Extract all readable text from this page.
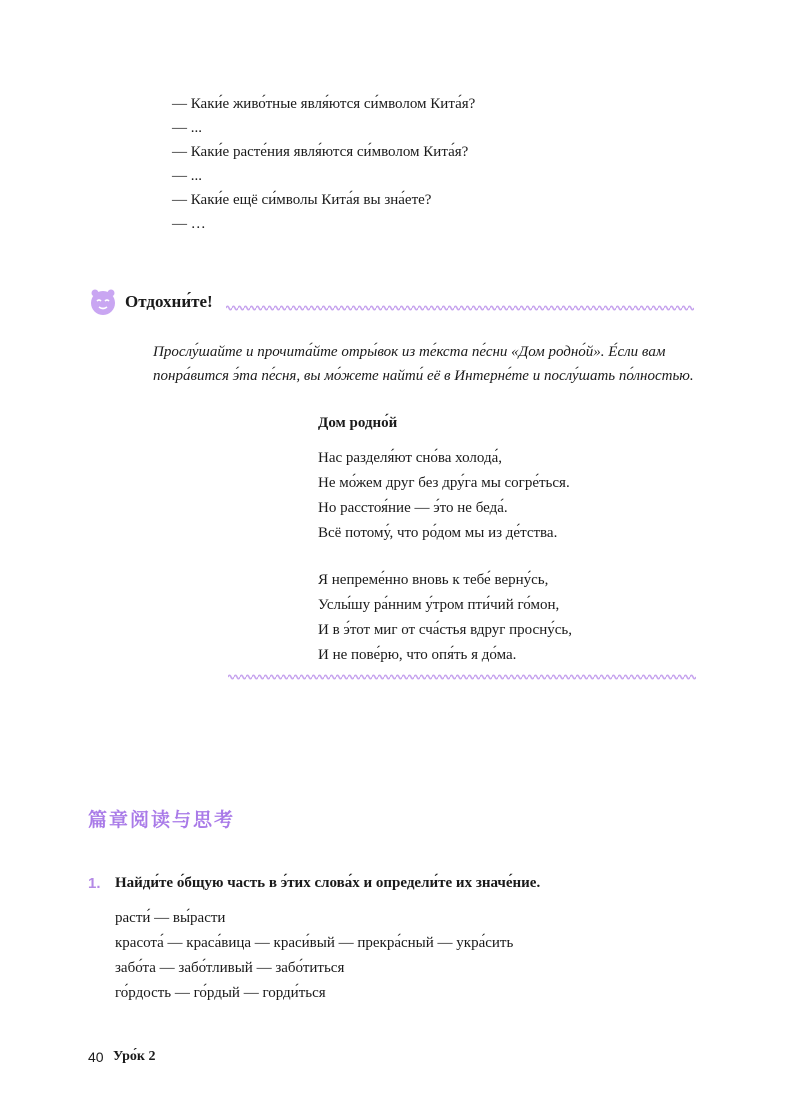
— Каки́е живо́тные явля́ются си́мволом Кита́я?
— ...
— Каки́е расте́ния явля́ются си́мволом Кита́я?
— ...
— Каки́е ещё си́мволы Кита́я вы зна́ете?
— …
Отдохни́те!
Прослу́шайте и прочита́йте отры́вок из те́кста пе́сни «Дом родно́й». Е́сли вам понра́вится э́та пе́сня, вы мо́жете найти́ её в Интерне́те и послу́шать по́лностью.
Дом родно́й
Нас разделя́ют сно́ва холода́,
Не мо́жем друг без дру́га мы согре́ться.
Но расстоя́ние — э́то не беда́.
Всё потому́, что ро́дом мы из де́тства.
Я непреме́нно вновь к тебе́ верну́сь,
Услы́шу ра́нним у́тром пти́чий го́мон,
И в э́тот миг от сча́стья вдруг просну́сь,
И не пове́рю, что опя́ть я до́ма.
篇章阅读与思考
1. Найди́те о́бщую часть в э́тих слова́х и определи́те их значе́ние.
расти́ — вы́расти
красота́ — краса́вица — краси́вый — прекра́сный — укра́сить
забо́та — забо́тливый — забо́титься
го́рдость — го́рдый — горди́ться
40 Уро́к 2
